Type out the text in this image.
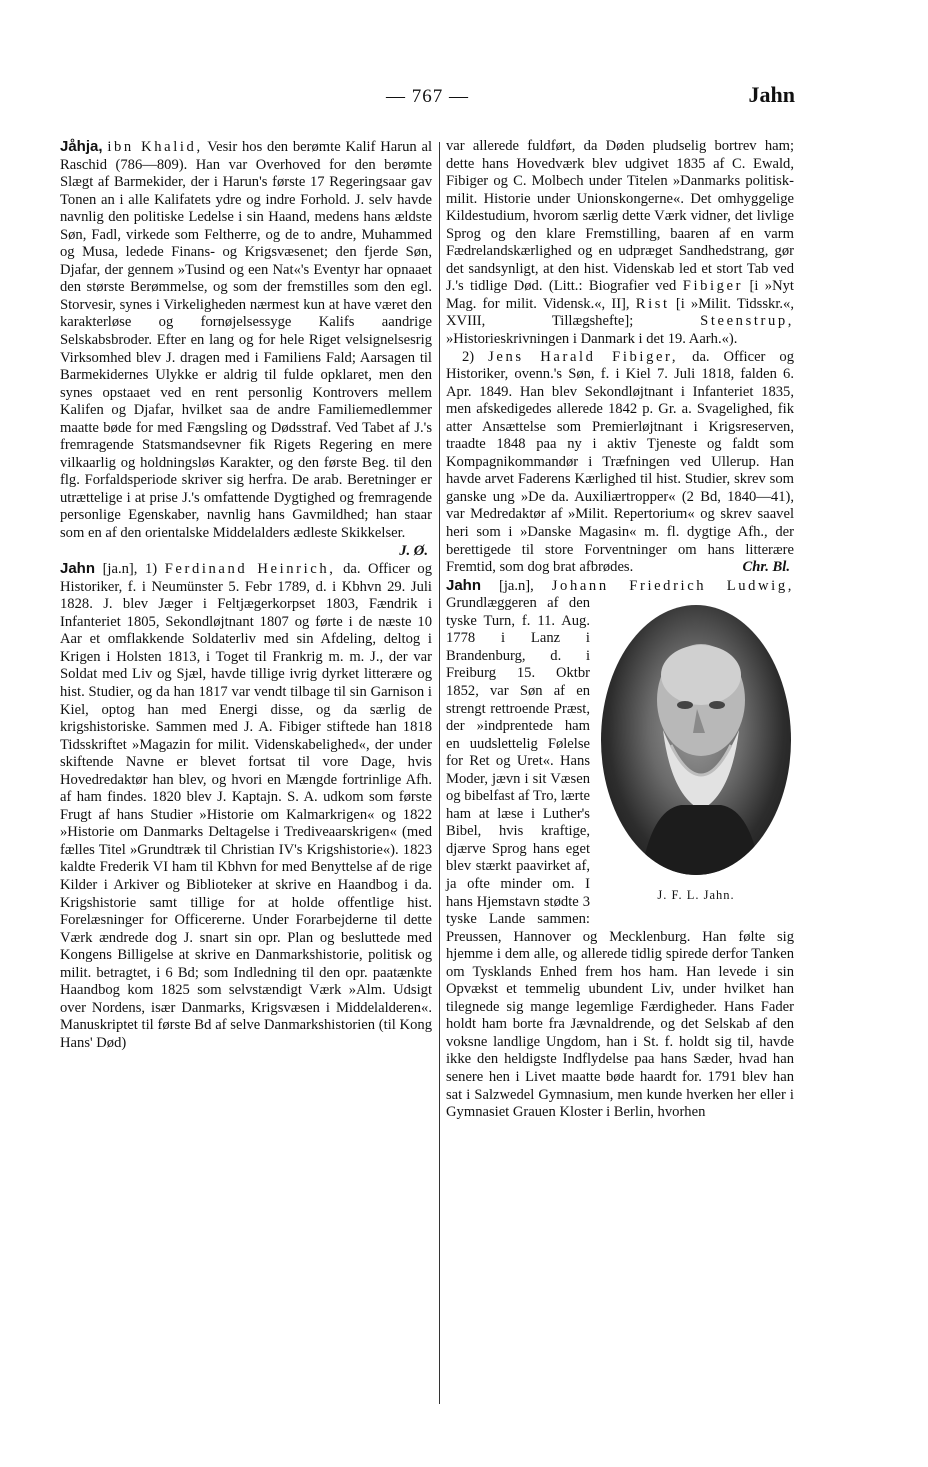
— 767 —	Jahn

Jåhja, ibn Khalid, Vesir hos den berømte Kalif Harun al Raschid (786—809). Han var Overhoved for den berømte Slægt af Barmekider, der i Harun's første 17 Regeringsaar gav Tonen an i alle Kalifatets ydre og indre Forhold. J. selv havde navnlig den politiske Ledelse i sin Haand, medens hans ældste Søn, Fadl, virkede som Feltherre, og de to andre, Muhammed og Musa, ledede Finans- og Krigsvæsenet; den fjerde Søn, Djafar, der gennem »Tusind og een Nat«'s Eventyr har opnaaet den største Berømmelse, og som der fremstilles som den egl. Storvesir, synes i Virkeligheden nærmest kun at have været den karakterløse og fornøjelsessyge Kalifs aandrige Selskabsbroder. Efter en lang og for hele Riget velsignelsesrig Virksomhed blev J. dragen med i Familiens Fald; Aarsagen til Barmekidernes Ulykke er aldrig til fulde opklaret, men den synes opstaaet ved en rent personlig Kontrovers mellem Kalifen og Djafar, hvilket saa de andre Familiemedlemmer maatte bøde for med Fængsling og Dødsstraf. Ved Tabet af J.'s fremragende Statsmandsevner fik Rigets Regering en mere vilkaarlig og holdningsløs Karakter, og den første Beg. til den flg. Forfaldsperiode skriver sig herfra. De arab. Beretninger er utrættelige i at prise J.'s omfattende Dygtighed og fremragende personlige Egenskaber, navnlig hans Gavmildhed; han staar som en af den orientalske Middelalders ædleste Skikkelser.
J. Ø.

Jahn [ja.n], 1) Ferdinand Heinrich, da. Officer og Historiker, f. i Neumünster 5. Febr 1789, d. i Kbhvn 29. Juli 1828. J. blev Jæger i Feltjægerkorpset 1803, Fændrik i Infanteriet 1805, Sekondløjtnant 1807 og førte i de næste 10 Aar et omflakkende Soldaterliv med sin Afdeling, deltog i Krigen i Holsten 1813, i Toget til Frankrig m. m. J., der var Soldat med Liv og Sjæl, havde tillige ivrig dyrket litterære og hist. Studier, og da han 1817 var vendt tilbage til sin Garnison i Kiel, optog han med Energi disse, og da særlig de krigshistoriske. Sammen med J. A. Fibiger stiftede han 1818 Tidsskriftet »Magazin for milit. Videnskabelighed«, der under skiftende Navne er blevet fortsat til vore Dage, hvis Hovedredaktør han blev, og hvori en Mængde fortrinlige Afh. af ham findes. 1820 blev J. Kaptajn. S. A. udkom som første Frugt af hans Studier »Historie om Kalmarkrigen« og 1822 »Historie om Danmarks Deltagelse i Trediveaarskrigen« (med fælles Titel »Grundtræk til Christian IV's Krigshistorie«). 1823 kaldte Frederik VI ham til Kbhvn for med Benyttelse af de rige Kilder i Arkiver og Biblioteker at skrive en Haandbog i da. Krigshistorie samt tillige for at holde offentlige hist. Forelæsninger for Officererne. Under Forarbejderne til dette Værk ændrede dog J. snart sin opr. Plan og besluttede med Kongens Billigelse at skrive en Danmarkshistorie, politisk og milit. betragtet, i 6 Bd; som Indledning til den opr. paatænkte Haandbog kom 1825 som selvstændigt Værk »Alm. Udsigt over Nordens, især Danmarks, Krigsvæsen i Middelalderen«. Manuskriptet til første Bd af selve Danmarkshistorien (til Kong Hans' Død)

var allerede fuldført, da Døden pludselig bortrev ham; dette hans Hovedværk blev udgivet 1835 af C. Ewald, Fibiger og C. Molbech under Titelen »Danmarks politisk-milit. Historie under Unionskongerne«. Det omhyggelige Kildestudium, hvorom særlig dette Værk vidner, det livlige Sprog og den klare Fremstilling, baaren af en varm Fædrelandskærlighed og en udpræget Sandhedstrang, gør det sandsynligt, at den hist. Videnskab led et stort Tab ved J.'s tidlige Død. (Litt.: Biografier ved Fibiger [i »Nyt Mag. for milit. Vidensk.«, II], Rist [i »Milit. Tidsskr.«, XVIII, Tillægshefte];	Steenstrup, »Historieskrivningen i Danmark i det 19. Aarh.«).

2) Jens Harald Fibiger, da. Officer og Historiker, ovenn.'s Søn, f. i Kiel 7. Juli 1818, falden 6. Apr. 1849. Han blev Sekondløjtnant i Infanteriet 1835, men afskedigedes allerede 1842 p. Gr. a. Svagelighed, fik atter Ansættelse som Premierløjtnant i Krigsreserven, traadte 1848 paa ny i aktiv Tjeneste og faldt som Kompagnikommandør i Træfningen ved Ullerup. Han havde arvet Faderens Kærlighed til hist. Studier, skrev som ganske ung »De da. Auxiliærtropper« (2 Bd, 1840—41), var Medredaktør af »Milit. Repertorium« og skrev saavel heri som i »Danske Magasin« m. fl. dygtige Afh., der berettigede til store Forventninger om hans litterære Fremtid, som dog brat afbrødes.	Chr. Bl.

Jahn [ja.n], Johann Friedrich Ludwig,
J. F. L. Jahn.
Grundlæggeren af den tyske Turn, f. 11. Aug. 1778 i Lanz i Brandenburg, d. i Freiburg 15. Oktbr 1852, var Søn af en strengt rettroende Præst, der »indprentede ham en uudslettelig Følelse for Ret og Uret«. Hans Moder, jævn i sit Væsen og bibelfast af Tro, lærte ham at læse i Luther's Bibel, hvis kraftige, djærve Sprog hans eget blev stærkt paavirket af, ja ofte minder om. I hans Hjemstavn stødte 3 tyske Lande sammen: Preussen, Hannover og Mecklenburg. Han følte sig hjemme i dem alle, og allerede tidlig spirede derfor Tanken om Tysklands Enhed frem hos ham. Han levede i sin Opvækst et temmelig ubundent Liv, under hvilket han tilegnede sig mange legemlige Færdigheder. Hans Fader holdt ham borte fra Jævnaldrende, og det Selskab af den voksne landlige Ungdom, han i St. f. holdt sig til, havde ikke den heldigste Indflydelse paa hans Sæder, hvad han senere hen i Livet maatte bøde haardt for. 1791 blev han sat i Salzwedel Gymnasium, men kunde hverken her eller i Gymnasiet Grauen Kloster i Berlin, hvorhen
